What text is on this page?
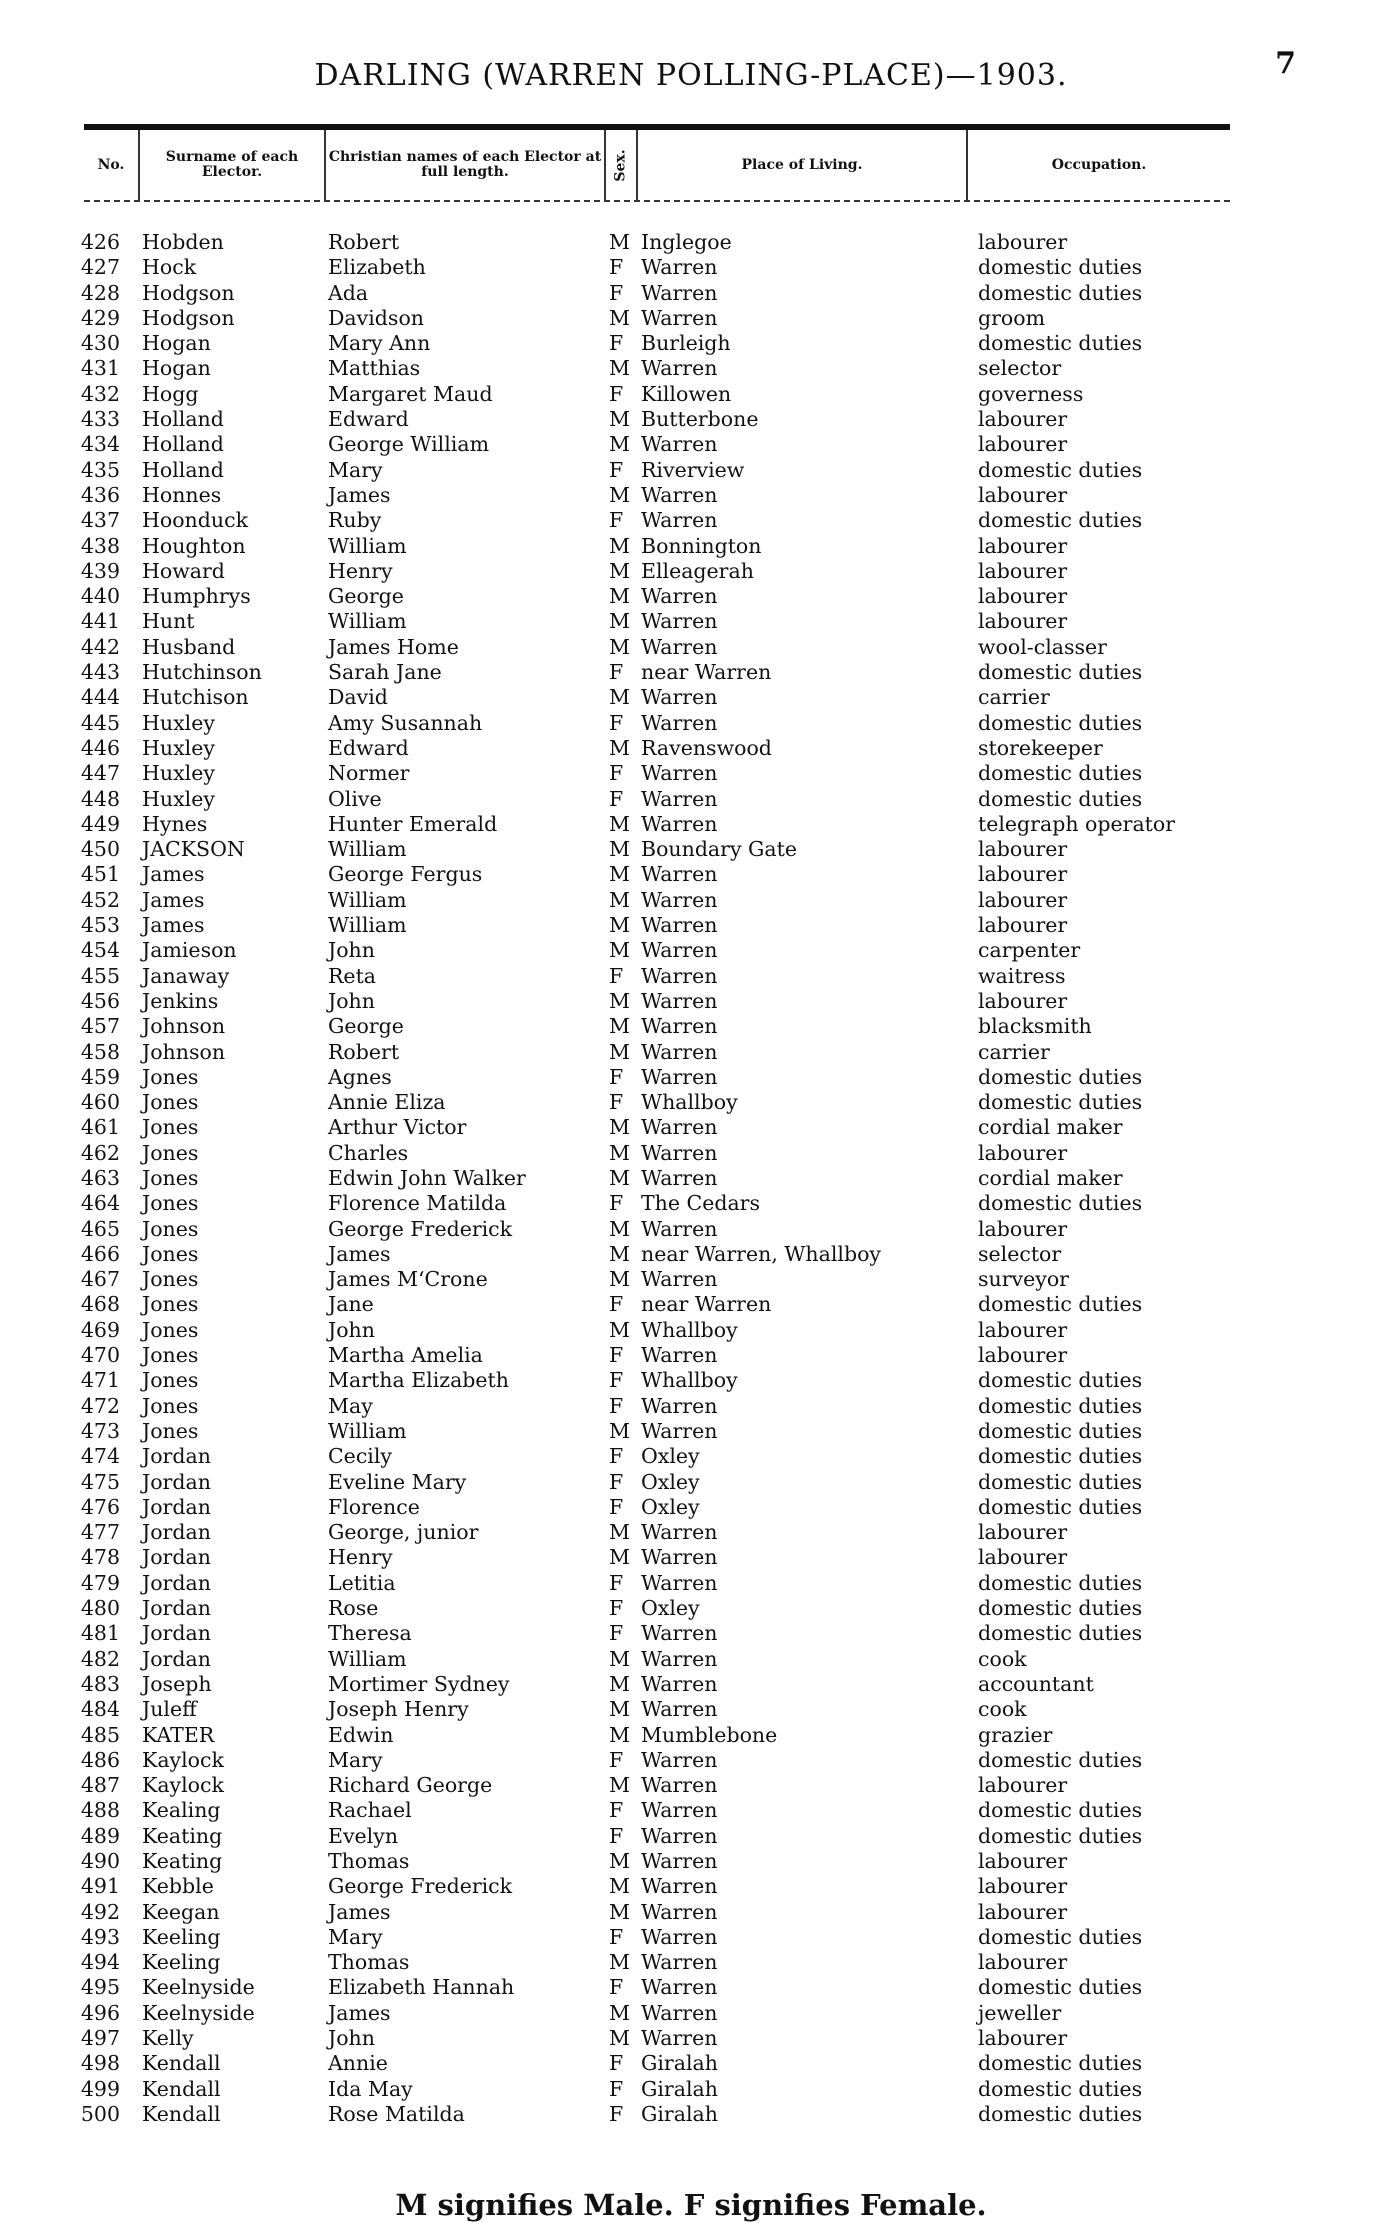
7
DARLING (WARREN POLLING-PLACE)—1903.
No.	Surname of each Elector.
Christian names of each Elector at full length.	Sex.	Place of Living.	Occupation.
426 Hobden	Robert	M Inglegoe	labourer
427 Hock	Elizabeth	F Warren	domestic duties
428 Hodgson	Ada	F Warren	domestic duties
429 Hodgson	Davidson	M Warren	groom
430 Hogan	Mary Ann	F Burleigh	domestic duties
431 Hogan	Matthias	M Warren	selector
432 Hogg	Margaret Maud	F Killowen	governess
433 Holland	Edward	M Butterbone	labourer
434 Holland	George William	M Warren	labourer
435 Holland	Mary	F Riverview	domestic duties
436 Honnes	James	M Warren	labourer
437 Hoonduck	Ruby	F Warren	domestic duties
438 Houghton	William	M Bonnington	labourer
439 Howard	Henry	M Elleagerah	labourer
440 Humphrys	George	M Warren	labourer
441 Hunt	William	M Warren	labourer
442 Husband	James Home	M Warren	wool-classer
443 Hutchinson	Sarah Jane	F near Warren	domestic duties
444 Hutchison	David	M Warren	carrier
445 Huxley	Amy Susannah	F Warren	domestic duties
446 Huxley	Edward	M Ravenswood	storekeeper
447 Huxley	Normer	F Warren	domestic duties
448 Huxley	Olive	F Warren	domestic duties
449 Hynes	Hunter Emerald	M Warren	telegraph operator
450 JACKSON	William	M Boundary Gate	labourer
451 James	George Fergus	M Warren	labourer
452 James	William	M Warren	labourer
453 James	William	M Warren	labourer
454 Jamieson	John	M Warren	carpenter
455 Janaway	Reta	F Warren	waitress
456 Jenkins	John	M Warren	labourer
457 Johnson	George	M Warren	blacksmith
458 Johnson	Robert	M Warren	carrier
459 Jones	Agnes	F Warren	domestic duties
460 Jones	Annie Eliza	F Whallboy	domestic duties
461 Jones	Arthur Victor	M Warren	cordial maker
462 Jones	Charles	M Warren	labourer
463 Jones	Edwin John Walker	M Warren	cordial maker
464 Jones	Florence Matilda	F The Cedars	domestic duties
465 Jones	George Frederick	M Warren	labourer
466 Jones	James	M near Warren, Whallboy	selector
467 Jones	James M‘Crone	M Warren	surveyor
468 Jones	Jane	F near Warren	domestic duties
469 Jones	John	M Whallboy	labourer
470 Jones	Martha Amelia	F Warren	labourer
471 Jones	Martha Elizabeth	F Whallboy	domestic duties
472 Jones	May	F Warren	domestic duties
473 Jones	William	M Warren	domestic duties
474 Jordan	Cecily	F Oxley	domestic duties
475 Jordan	Eveline Mary	F Oxley	domestic duties
476 Jordan	Florence	F Oxley	domestic duties
477 Jordan	George, junior	M Warren	labourer
478 Jordan	Henry	M Warren	labourer
479 Jordan	Letitia	F Warren	domestic duties
480 Jordan	Rose	F Oxley	domestic duties
481 Jordan	Theresa	F Warren	domestic duties
482 Jordan	William	M Warren	cook
483 Joseph	Mortimer Sydney	M Warren	accountant
484 Juleff	Joseph Henry	M Warren	cook
485 KATER	Edwin	M Mumblebone	grazier
486 Kaylock	Mary	F Warren	domestic duties
487 Kaylock	Richard George	M Warren	labourer
488 Kealing	Rachael	F Warren	domestic duties
489 Keating	Evelyn	F Warren	domestic duties
490 Keating	Thomas	M Warren	labourer
491 Kebble	George Frederick	M Warren	labourer
492 Keegan	James	M Warren	labourer
493 Keeling	Mary	F Warren	domestic duties
494 Keeling	Thomas	M Warren	labourer
495 Keelnyside	Elizabeth Hannah	F Warren	domestic duties
496 Keelnyside	James	M Warren	jeweller
497 Kelly	John	M Warren	labourer
498 Kendall	Annie	F Giralah	domestic duties
499 Kendall	Ida May	F Giralah	domestic duties
500 Kendall	Rose Matilda	F Giralah	domestic duties
M signifies Male. F signifies Female.
